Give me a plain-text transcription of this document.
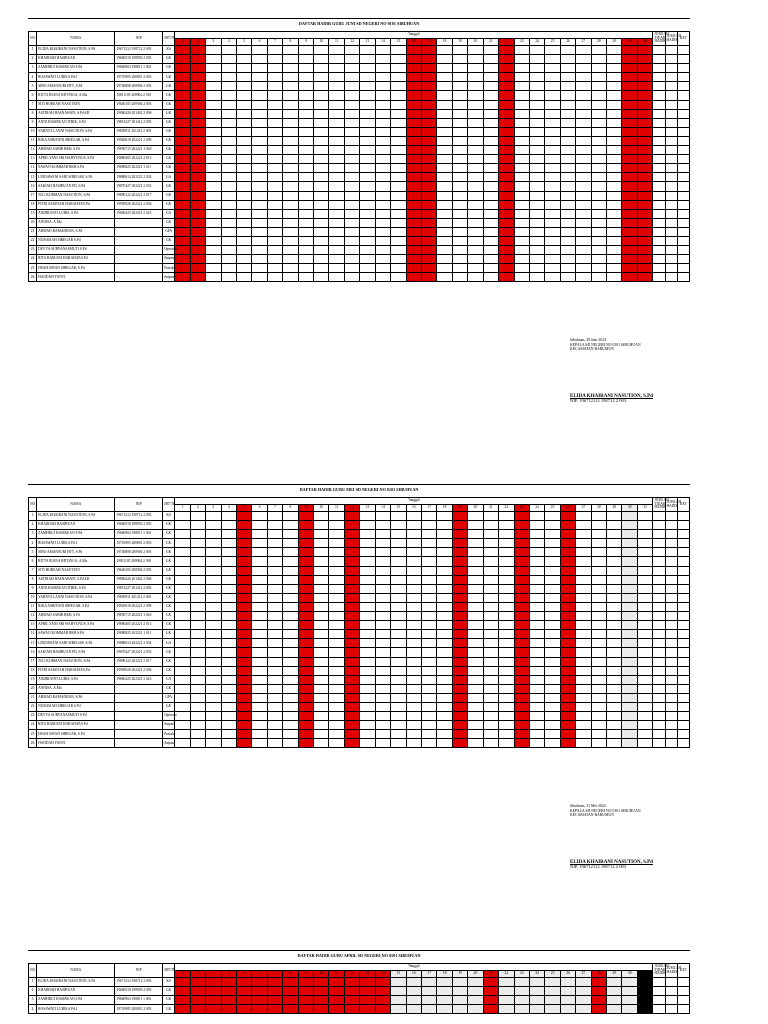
DAFTAR HADIR GURU JUNI SD NEGERI NO 0101 SIBUHUAN
NO	NAMA	NIP	JBT/TP	Tanggal																															JUMLAH TIDAK HADIR	JUMLAH HADIR	KET
				1	2	3	4	5	6	7	8	9	10	11	12	13	14	15	16	17	18	19	20	21	22	23	24	25	26	27	28	29	30	31			
1	ELIDA KHAIRANI NASUTION, S.Pd	19671212 198712 2 003	KS																																		
2	KHAIRIAH HASIBUAN	19660518 198903 2 005	GK																																		
3	ZAMHRUJ HASIBUAN S.Pd	19660904 198811 1 002	GK																																		
4	ROSAWATI LUBIS,S.Pd.I	19710905 200801 2 003	GK																																		
5	SIRO AMANSURI HTT, S.Pd	19740808 200904 2 003	GK																																		
6	RITTA RIANA RITONGA, A.Ma	19811105 200904 2 018	GK																																		
7	SITI HOREAH NASUTION	19640105 200904 2 003	GK																																		
8	ASTIRAH HASNAWATI, S.Pd.SD	19860426 201402 2 006	GK																																		
9	ANNI HASIBUAN ITRIK, S.Pd	19851227 201412 2 003	GK																																		
10	YARNTA LANNI NASUTION, S.Pd	19850911 201412 2 003	GK																																		
11	RIKA ASRIYANI SIREGAR, S.Pd	19920618 202221 2 009	GK																																		
12	AHMAD SABIR RKB, S.Pd	19850715 202221 1 020	GK																																		
13	APRIL YANI SRI WAHYUNUS, S.Pd	19880405 202221 2 013	GK																																		
14	SAWAN KOMMAR RKB S.Pd	19880825 202221 1 011	GK																																		
15	LINDAWANI SARI SIREGAR, S.Pd	19880614 202221 2 034	GA																																		
16	SAKIAH HASIBUAN PD, S.Pd	19870427 202221 2 032	GK																																		
17	JULI KORMAN NASUTION, S.Pd	19890122 202221 2 017	GK																																		
18	FITRI SAKINAH HARAHAP,S.Pd	19950926 202321 2 036	GK																																		
19	ANDRIANTI LUBIS, S.Pd	19860425 202321 2 023	GA																																		
20	ANNISA, A.Ma	-	GK																																		
21	AHMAD RAMADHAN, S.Pd	-	GPA																																		
22	NURASIAH SIREGAR S.Pd	-	GK																																		
23	DEVYA SURYANASMUTI S.Pd	-	Operator																																		
24	RITA HAIRANI HARAHAP,S.Pd	-	Satpam																																		
25	HSAH OMAN SIREGAR, S.Pd	-	Pustaka																																		
26	HANDAH YANTI	-	Satpam																																		
Sibuhuan, 29 Juni 2024
KEPALA SD NEGERI NO 0101 SIBUHUAN
KECAMATAN BARUMUN
ELIDA KHAIRANI NASUTION, S.Pd
NIP. 196712112 198712 2 003
DAFTAR HADIR GURU MEI SD NEGERI NO 0101 SIBUHUAN
NO	NAMA	NIP	JBT/TP	Tanggal																															JUMLAH TIDAK HADIR	JUMLAH HADIR	KET
				1	2	3	4	5	6	7	8	9	10	11	12	13	14	15	16	17	18	19	20	21	22	23	24	25	26	27	28	29	30	31			
1	ELIDA KHAIRANI NASUTION, S.Pd	19671212 198712 2 003	KS																																		
2	KHAIRIAH HASIBUAN	19660518 198903 2 005	GK																																		
3	ZAMHRUJ HASIBUAN S.Pd	19660904 198811 1 002	GK																																		
4	ROSAWATI LUBIS,S.Pd.I	19710905 200801 2 003	GK																																		
5	SIRO AMANSURI HTT, S.Pd	19740808 200904 2 003	GK																																		
6	RITTA RIANA RITONGA, A.Ma	19811105 200904 2 018	GK																																		
7	SITI HOREAH NASUTION	19640105 200904 2 003	GK																																		
8	ASTIRAH HASNAWATI, S.Pd.SD	19860426 201402 2 006	GK																																		
9	ANNI HASIBUAN ITRIK, S.Pd	19851227 201412 2 003	GK																																		
10	YARNTA LANNI NASUTION, S.Pd	19850911 201412 2 003	GK																																		
11	RIKA ASRIYANI SIREGAR, S.Pd	19920618 202221 2 009	GK																																		
12	AHMAD SABIR RKB, S.Pd	19850715 202221 1 020	GK																																		
13	APRIL YANI SRI WAHYUNUS, S.Pd	19880405 202221 2 013	GK																																		
14	SAWAN KOMMAR RKB S.Pd	19880825 202221 1 011	GK																																		
15	LINDAWANI SARI SIREGAR, S.Pd	19880614 202221 2 034	GA																																		
16	SAKIAH HASIBUAN PD, S.Pd	19870427 202221 2 032	GK																																		
17	JULI KORMAN NASUTION, S.Pd	19890122 202221 2 017	GK																																		
18	FITRI SAKINAH HARAHAP,S.Pd	19950926 202321 2 036	GK																																		
19	ANDRIANTI LUBIS, S.Pd	19860425 202321 2 023	GA																																		
20	ANNISA, A.Ma	-	GK																																		
21	AHMAD RAMADHAN, S.Pd	-	GPA																																		
22	NURASIAH SIREGAR S.Pd	-	GK																																		
23	DEVYA SURYANASMUTI S.Pd	-	Operator																																		
24	RITA HAIRANI HARAHAP,S.Pd	-	Satpam																																		
25	HSAH OMAN SIREGAR, S.Pd	-	Pustaka																																		
26	HANDAH YANTI	-	Satpam																																		
Sibuhuan, 31 Mei 2024
KEPALA SD NEGERI NO 0101 SIBUHUAN
KECAMATAN BARUMUN
ELIDA KHAIRANI NASUTION, S.Pd
NIP. 196712112 198712 2 003
DAFTAR HADIR GURU APRIL SD NEGERI NO 0101 SIBUHUAN
NO	NAMA	NIP	JBT/TP	Tanggal																															JUMLAH TIDAK HADIR	JUMLAH HADIR	KET
				1	2	3	4	5	6	7	8	9	10	11	12	13	14	15	16	17	18	19	20	21	22	23	24	25	26	27	28	29	30	31			
1	ELIDA KHAIRANI NASUTION, S.Pd	19671212 198712 2 003	KS																																		
2	KHAIRIAH HASIBUAN	19660518 198903 2 005	GK																																		
3	ZAMHRUJ HASIBUAN S.Pd	19660904 198811 1 002	GK																																		
4	ROSAWATI LUBIS,S.Pd.I	19710905 200801 2 003	GK																																		
